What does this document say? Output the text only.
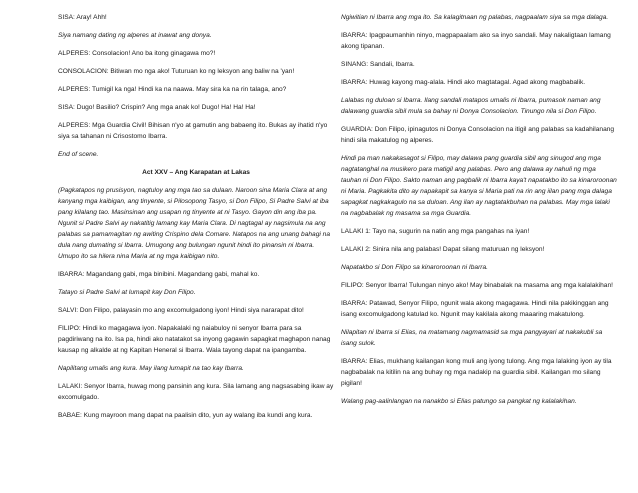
SISA: Aray! Ahh!

Siya namang dating ng alperes at inawat ang donya.

ALPERES: Consolacion! Ano ba itong ginagawa mo?!

CONSOLACION: Bitiwan mo nga ako! Tuturuan ko ng leksyon ang baliw na 'yan!

ALPERES: Tumigil ka nga! Hindi ka na naawa. May sira ka na rin talaga, ano?

SISA: Dugo! Basilio? Crispin? Ang mga anak ko! Dugo! Ha! Ha! Ha!

ALPERES: Mga Guardia Civil! Bihisan n'yo at gamutin ang babaeng ito. Bukas ay ihatid n'yo siya sa tahanan ni Crisostomo Ibarra.

End of scene.

Act XXV – Ang Karapatan at Lakas

(Pagkatapos ng prusisyon, nagtuloy ang mga tao sa dulaan. Naroon sina Maria Clara at ang kanyang mga kaibigan, ang tinyente, si Pilosopong Tasyo, si Don Filipo, Si Padre Salvi at iba pang kilalang tao. Masinsinan ang usapan ng tinyente at ni Tasyo. Gayon din ang iba pa. Ngunit si Padre Salvi ay nakatitig lamang kay Maria Clara. Di nagtagal ay nagsimula na ang palabas sa pamamagitan ng awiting Crispino dela Comare. Natapos na ang unang bahagi na dula nang dumating si Ibarra. Umugong ang bulungan ngunit hindi ito pinansin ni Ibarra. Umupo ito sa hilera nina Maria at ng mga kaibigan nito.

IBARRA: Magandang gabi, mga binibini. Magandang gabi, mahal ko.

Tatayo si Padre Salvi at lumapit kay Don Filipo.

SALVI: Don Filipo, palayasin mo ang excomulgadong iyon! Hindi siya nararapat dito!

FILIPO: Hindi ko magagawa iyon. Napakalaki ng naiabuloy ni senyor Ibarra para sa pagdiriwang na ito. Isa pa, hindi ako natatakot sa inyong gagawin sapagkat maghapon nanag kausap ng alkalde at ng Kapitan Heneral si Ibarra. Wala tayong dapat na ipangamba.

Napilitang umalis ang kura. May ilang lumapit na tao kay Ibarra.

LALAKI: Senyor Ibarra, huwag mong pansinin ang kura. Sila lamang ang nagsasabing ikaw ay excomulgado.

BABAE: Kung mayroon mang dapat na paalisin dito, yun ay walang iba kundi ang kura.

Ngiwitian ni Ibarra ang mga ito. Sa kalagitnaan ng palabas, nagpaalam siya sa mga dalaga.

IBARRA: Ipagpaumanhin ninyo, magpapaalam ako sa inyo sandali. May nakaligtaan lamang akong tipanan.

SINANG: Sandali, Ibarra.

IBARRA: Huwag kayong mag-alala. Hindi ako magtatagal. Agad akong magbabalik.

Lalabas ng duloan si Ibarra. Ilang sandali matapos umalis ni Ibarra, pumasok naman ang dalawang guardia sibil mula sa bahay ni Donya Consolacion. Tinungo nila si Don Filipo.

GUARDIA: Don Filipo, ipinagutos ni Donya Consolacion na itigil ang palabas sa kadahilanang hindi sila makatulog ng alperes.

Hindi pa man nakakasagot si Filipo, may dalawa pang guardia sibil ang sinugod ang mga nagtatanghal na musikero para matigil ang palabas. Pero ang dalawa ay nahuli ng mga tauhan ni Don Filipo. Sakto naman ang pagbalik ni Ibarra kaya't napatakbo ito sa kinaroroonan ni Maria. Pagkakita dito ay napakapit sa kanya si Maria pati na rin ang iilan pang mga dalaga sapagkat nagkakagulo na sa duloan. Ang ilan ay nagtatakbuhan na palabas. May mga lalaki na nagbabalak ng masama sa mga Guardia.

LALAKI 1: Tayo na, sugurin na natin ang mga pangahas na iyan!

LALAKI 2: Sinira nila ang palabas! Dapat silang maturuan ng leksyon!

Napatakbo si Don Filipo sa kinaroroonan ni Ibarra.

FILIPO: Senyor Ibarra! Tulungan ninyo ako! May binabalak na masama ang mga kalalakihan!

IBARRA: Patawad, Senyor Filipo, ngunit wala akong magagawa. Hindi nila pakikinggan ang isang excomulgadong katulad ko. Ngunit may kakilala akong maaaring makatulong.

Nilapitan ni Ibarra si Elias, na matamang nagmamasid sa mga pangyayari at nakakubli sa isang sulok.

IBARRA: Elias, mukhang kailangan kong muli ang iyong tulong. Ang mga lalaking iyon ay tila nagbabalak na kitilin na ang buhay ng mga nadakip na guardia sibil. Kailangan mo silang pigilan!

Walang pag-aalinlangan na nanakbo si Elias patungo sa pangkat ng kalalakihan.
